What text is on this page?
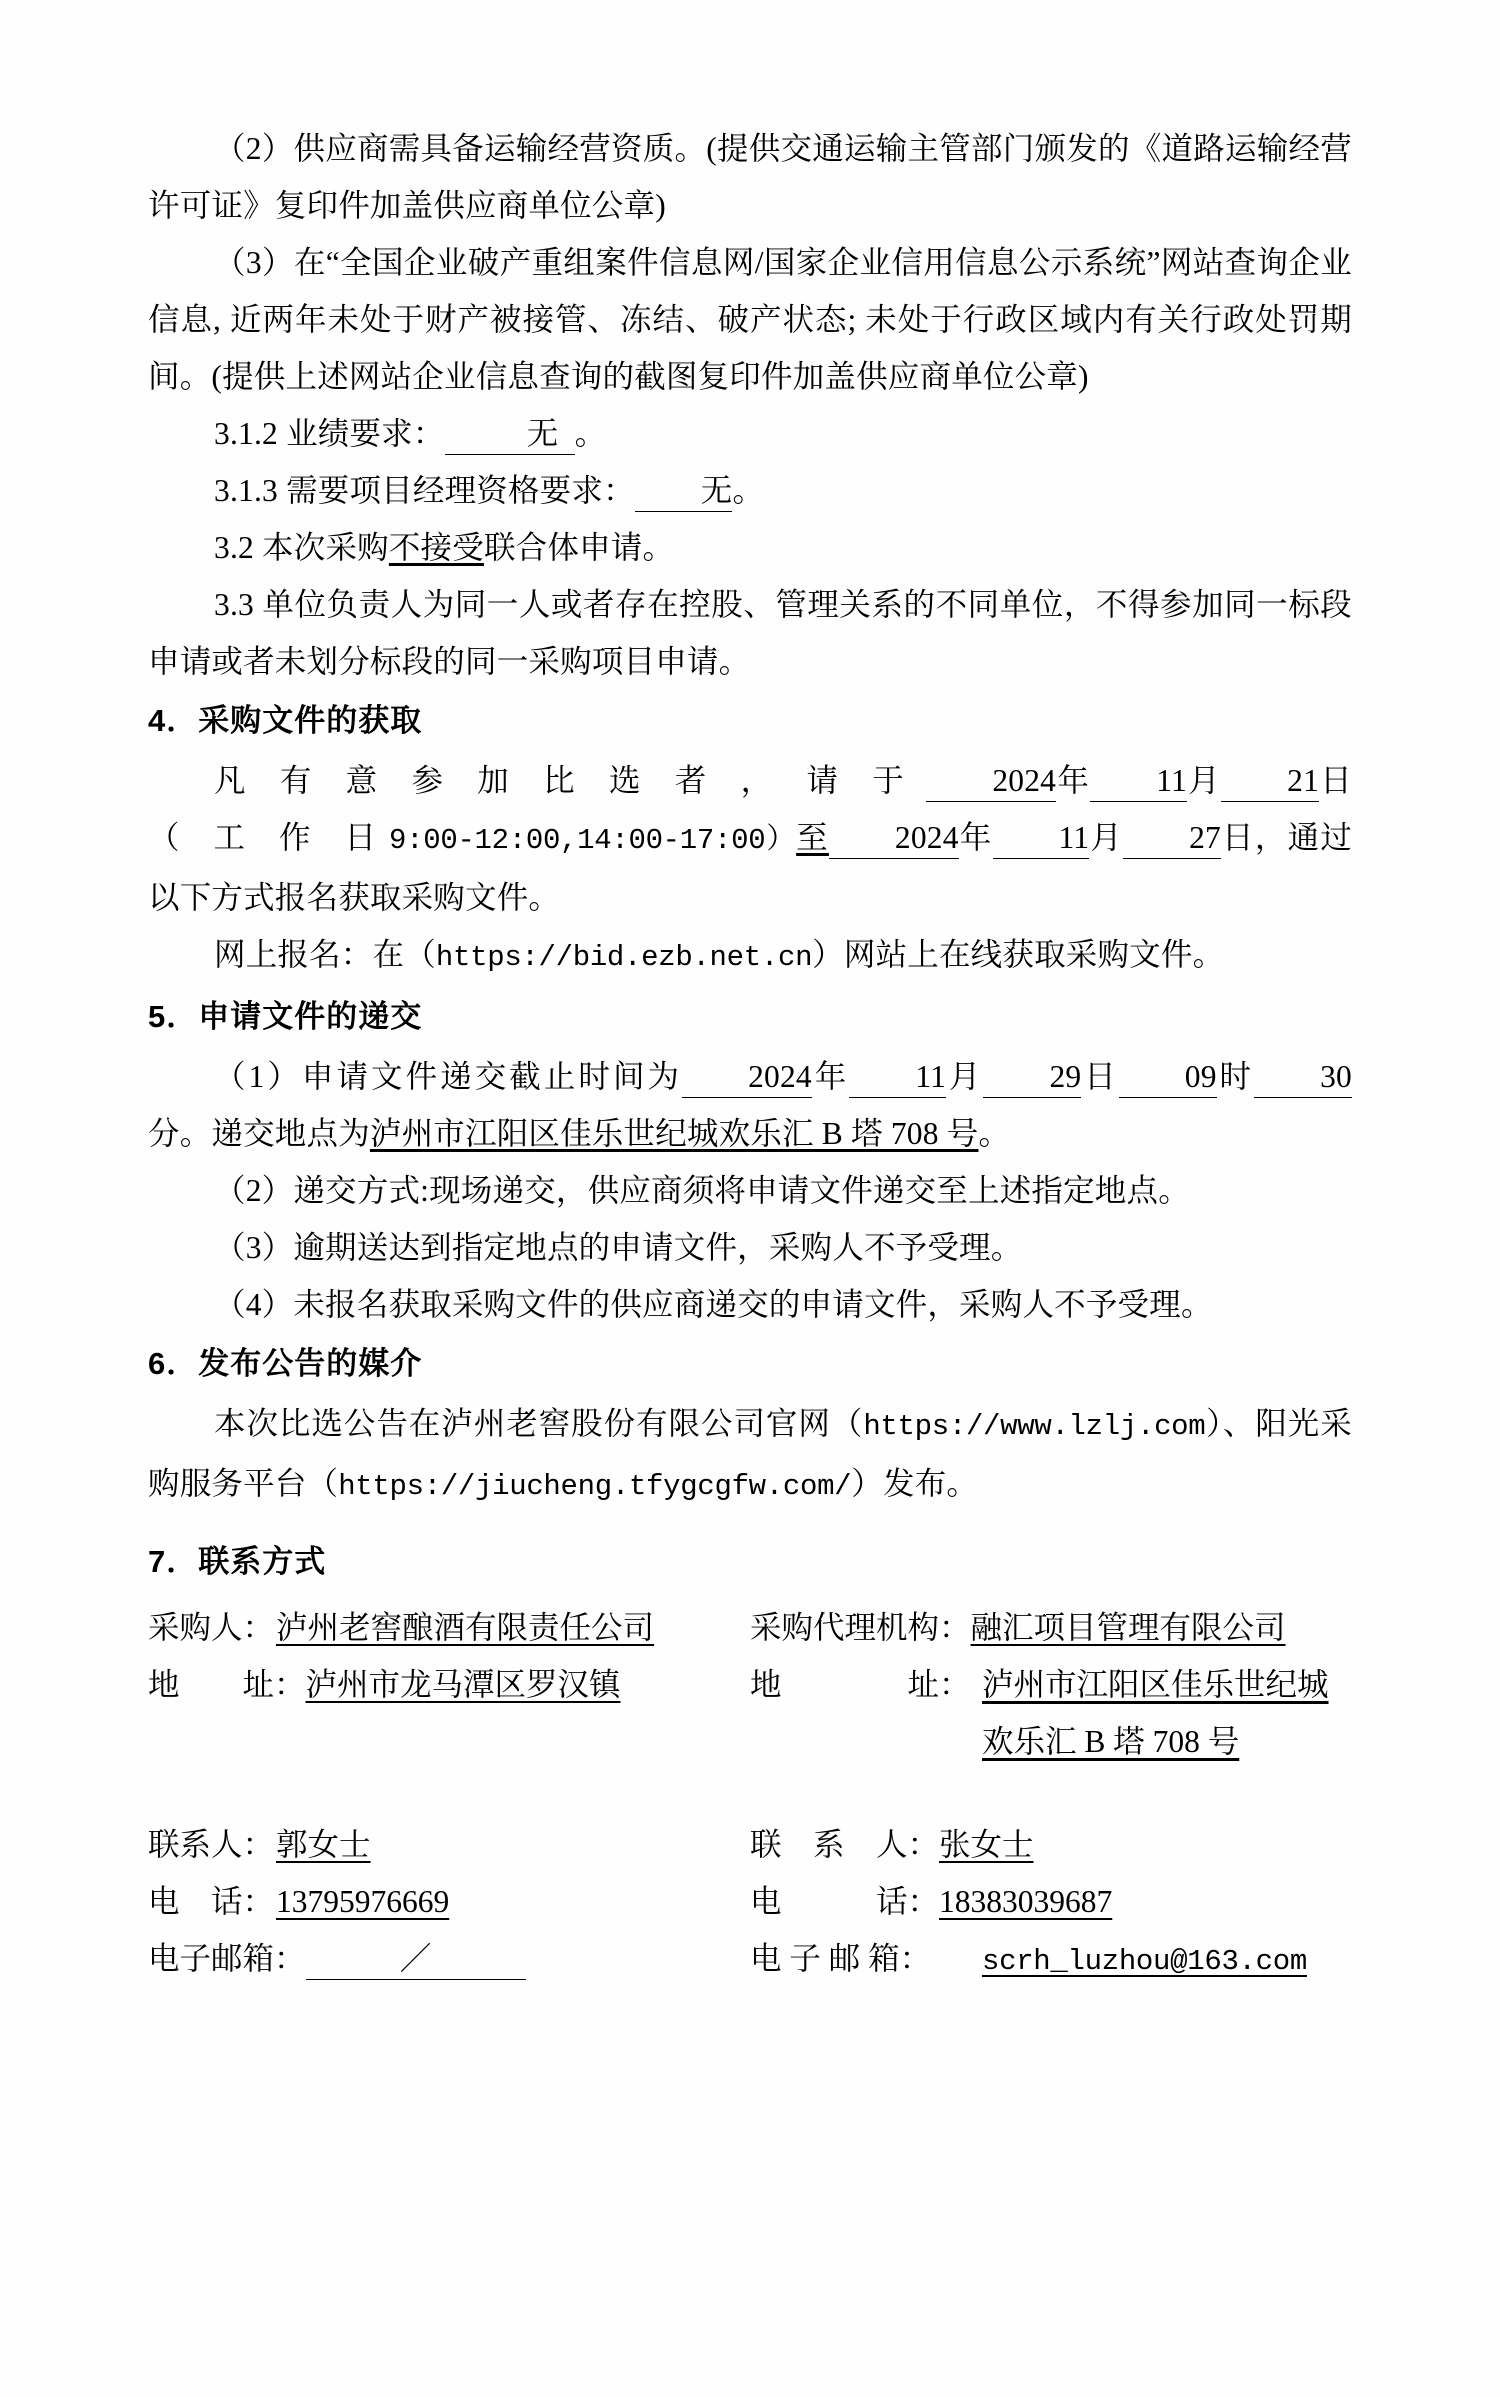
（2）供应商需具备运输经营资质。(提供交通运输主管部门颁发的《道路运输经营许可证》复印件加盖供应商单位公章)

（3）在“全国企业破产重组案件信息网/国家企业信用信息公示系统”网站查询企业信息, 近两年未处于财产被接管、冻结、破产状态; 未处于行政区域内有关行政处罚期间。(提供上述网站企业信息查询的截图复印件加盖供应商单位公章)

3.1.2 业绩要求：	无 。

3.1.3 需要项目经理资格要求： 无。

3.2 本次采购不接受联合体申请。

3.3 单位负责人为同一人或者存在控股、管理关系的不同单位，不得参加同一标段申请或者未划分标段的同一采购项目申请。

4．采购文件的获取

凡 有 意 参 加 比 选 者 ， 请 于 2024年 11月 21日（ 工 作 日9:00-12:00,14:00-17:00）至 2024年 11月 27日，通过以下方式报名获取采购文件。

网上报名：在（https://bid.ezb.net.cn）网站上在线获取采购文件。

5．申请文件的递交

（1）申请文件递交截止时间为 2024年 11月 29日 09时 30分。递交地点为泸州市江阳区佳乐世纪城欢乐汇 B 塔 708 号。

（2）递交方式:现场递交，供应商须将申请文件递交至上述指定地点。

（3）逾期送达到指定地点的申请文件，采购人不予受理。

（4）未报名获取采购文件的供应商递交的申请文件，采购人不予受理。

6．发布公告的媒介

本次比选公告在泸州老窖股份有限公司官网（https://www.lzlj.com）、阳光采购服务平台（https://jiucheng.tfygcgfw.com/）发布。

7．联系方式
采购人： 泸州老窖酿酒有限责任公司	采购代理机构： 融汇项目管理有限公司
地　　址： 泸州市龙马潭区罗汉镇	地　　　　址： 泸州市江阳区佳乐世纪城欢乐汇 B 塔 708 号
联系人： 郭女士	联　系　人： 张女士
电　话： 13795976669	电　　　话： 18383039687
电子邮箱：	／	电 子 邮 箱：	scrh_luzhou@163.com
